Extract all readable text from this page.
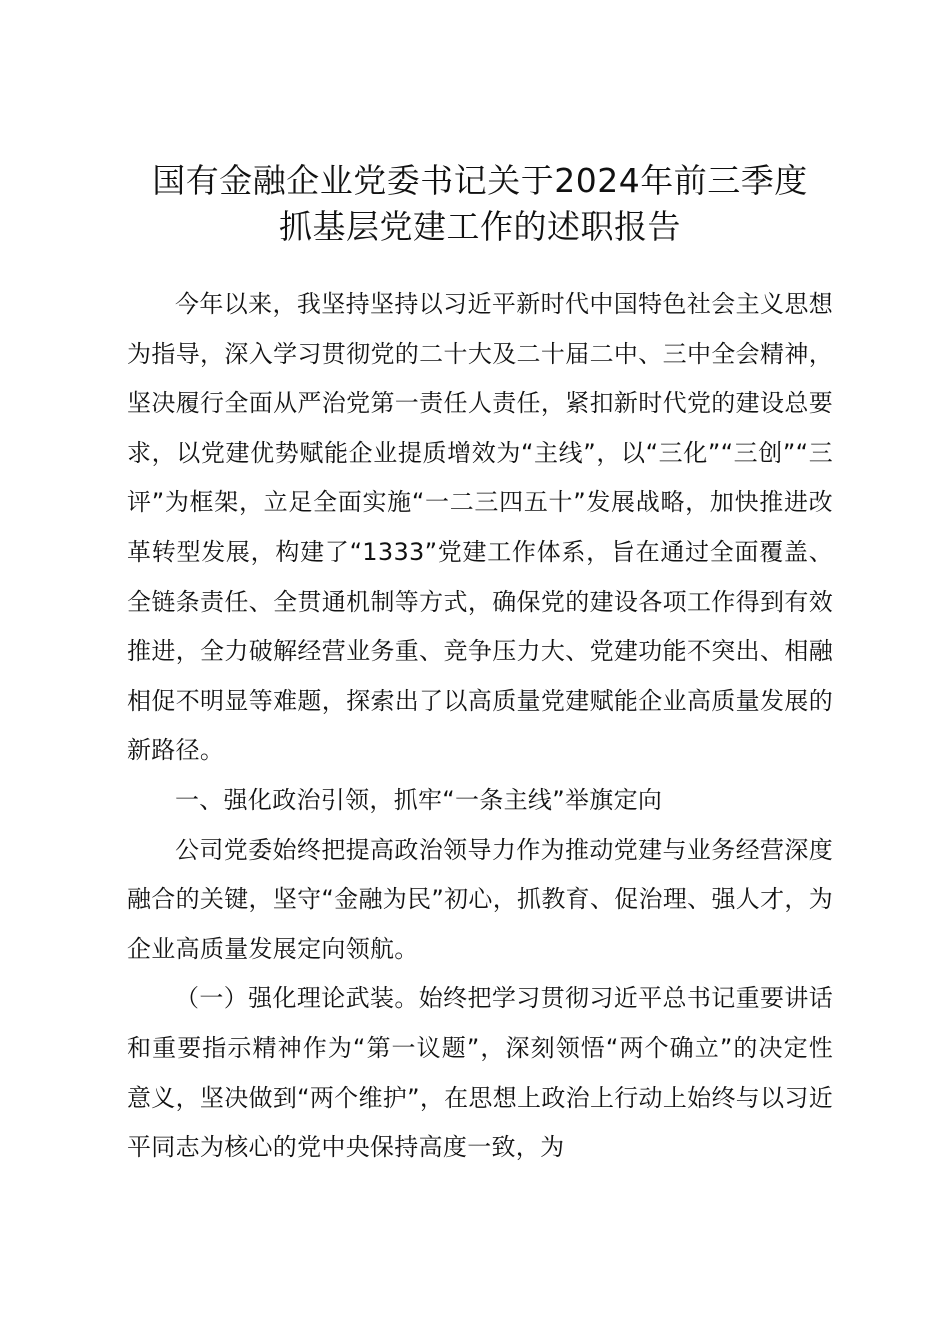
国有金融企业党委书记关于2024年前三季度
抓基层党建工作的述职报告

今年以来，我坚持坚持以习近平新时代中国特色社会主义思想为指导，深入学习贯彻党的二十大及二十届二中、三中全会精神，坚决履行全面从严治党第一责任人责任，紧扣新时代党的建设总要求，以党建优势赋能企业提质增效为“主线”，以“三化”“三创”“三评”为框架，立足全面实施“一二三四五十”发展战略，加快推进改革转型发展，构建了“1333”党建工作体系，旨在通过全面覆盖、全链条责任、全贯通机制等方式，确保党的建设各项工作得到有效推进，全力破解经营业务重、竞争压力大、党建功能不突出、相融相促不明显等难题，探索出了以高质量党建赋能企业高质量发展的新路径。

一、强化政治引领，抓牢“一条主线”举旗定向

公司党委始终把提高政治领导力作为推动党建与业务经营深度融合的关键，坚守“金融为民”初心，抓教育、促治理、强人才，为企业高质量发展定向领航。

（一）强化理论武装。始终把学习贯彻习近平总书记重要讲话和重要指示精神作为“第一议题”，深刻领悟“两个确立”的决定性意义，坚决做到“两个维护”，在思想上政治上行动上始终与以习近平同志为核心的党中央保持高度一致，为
